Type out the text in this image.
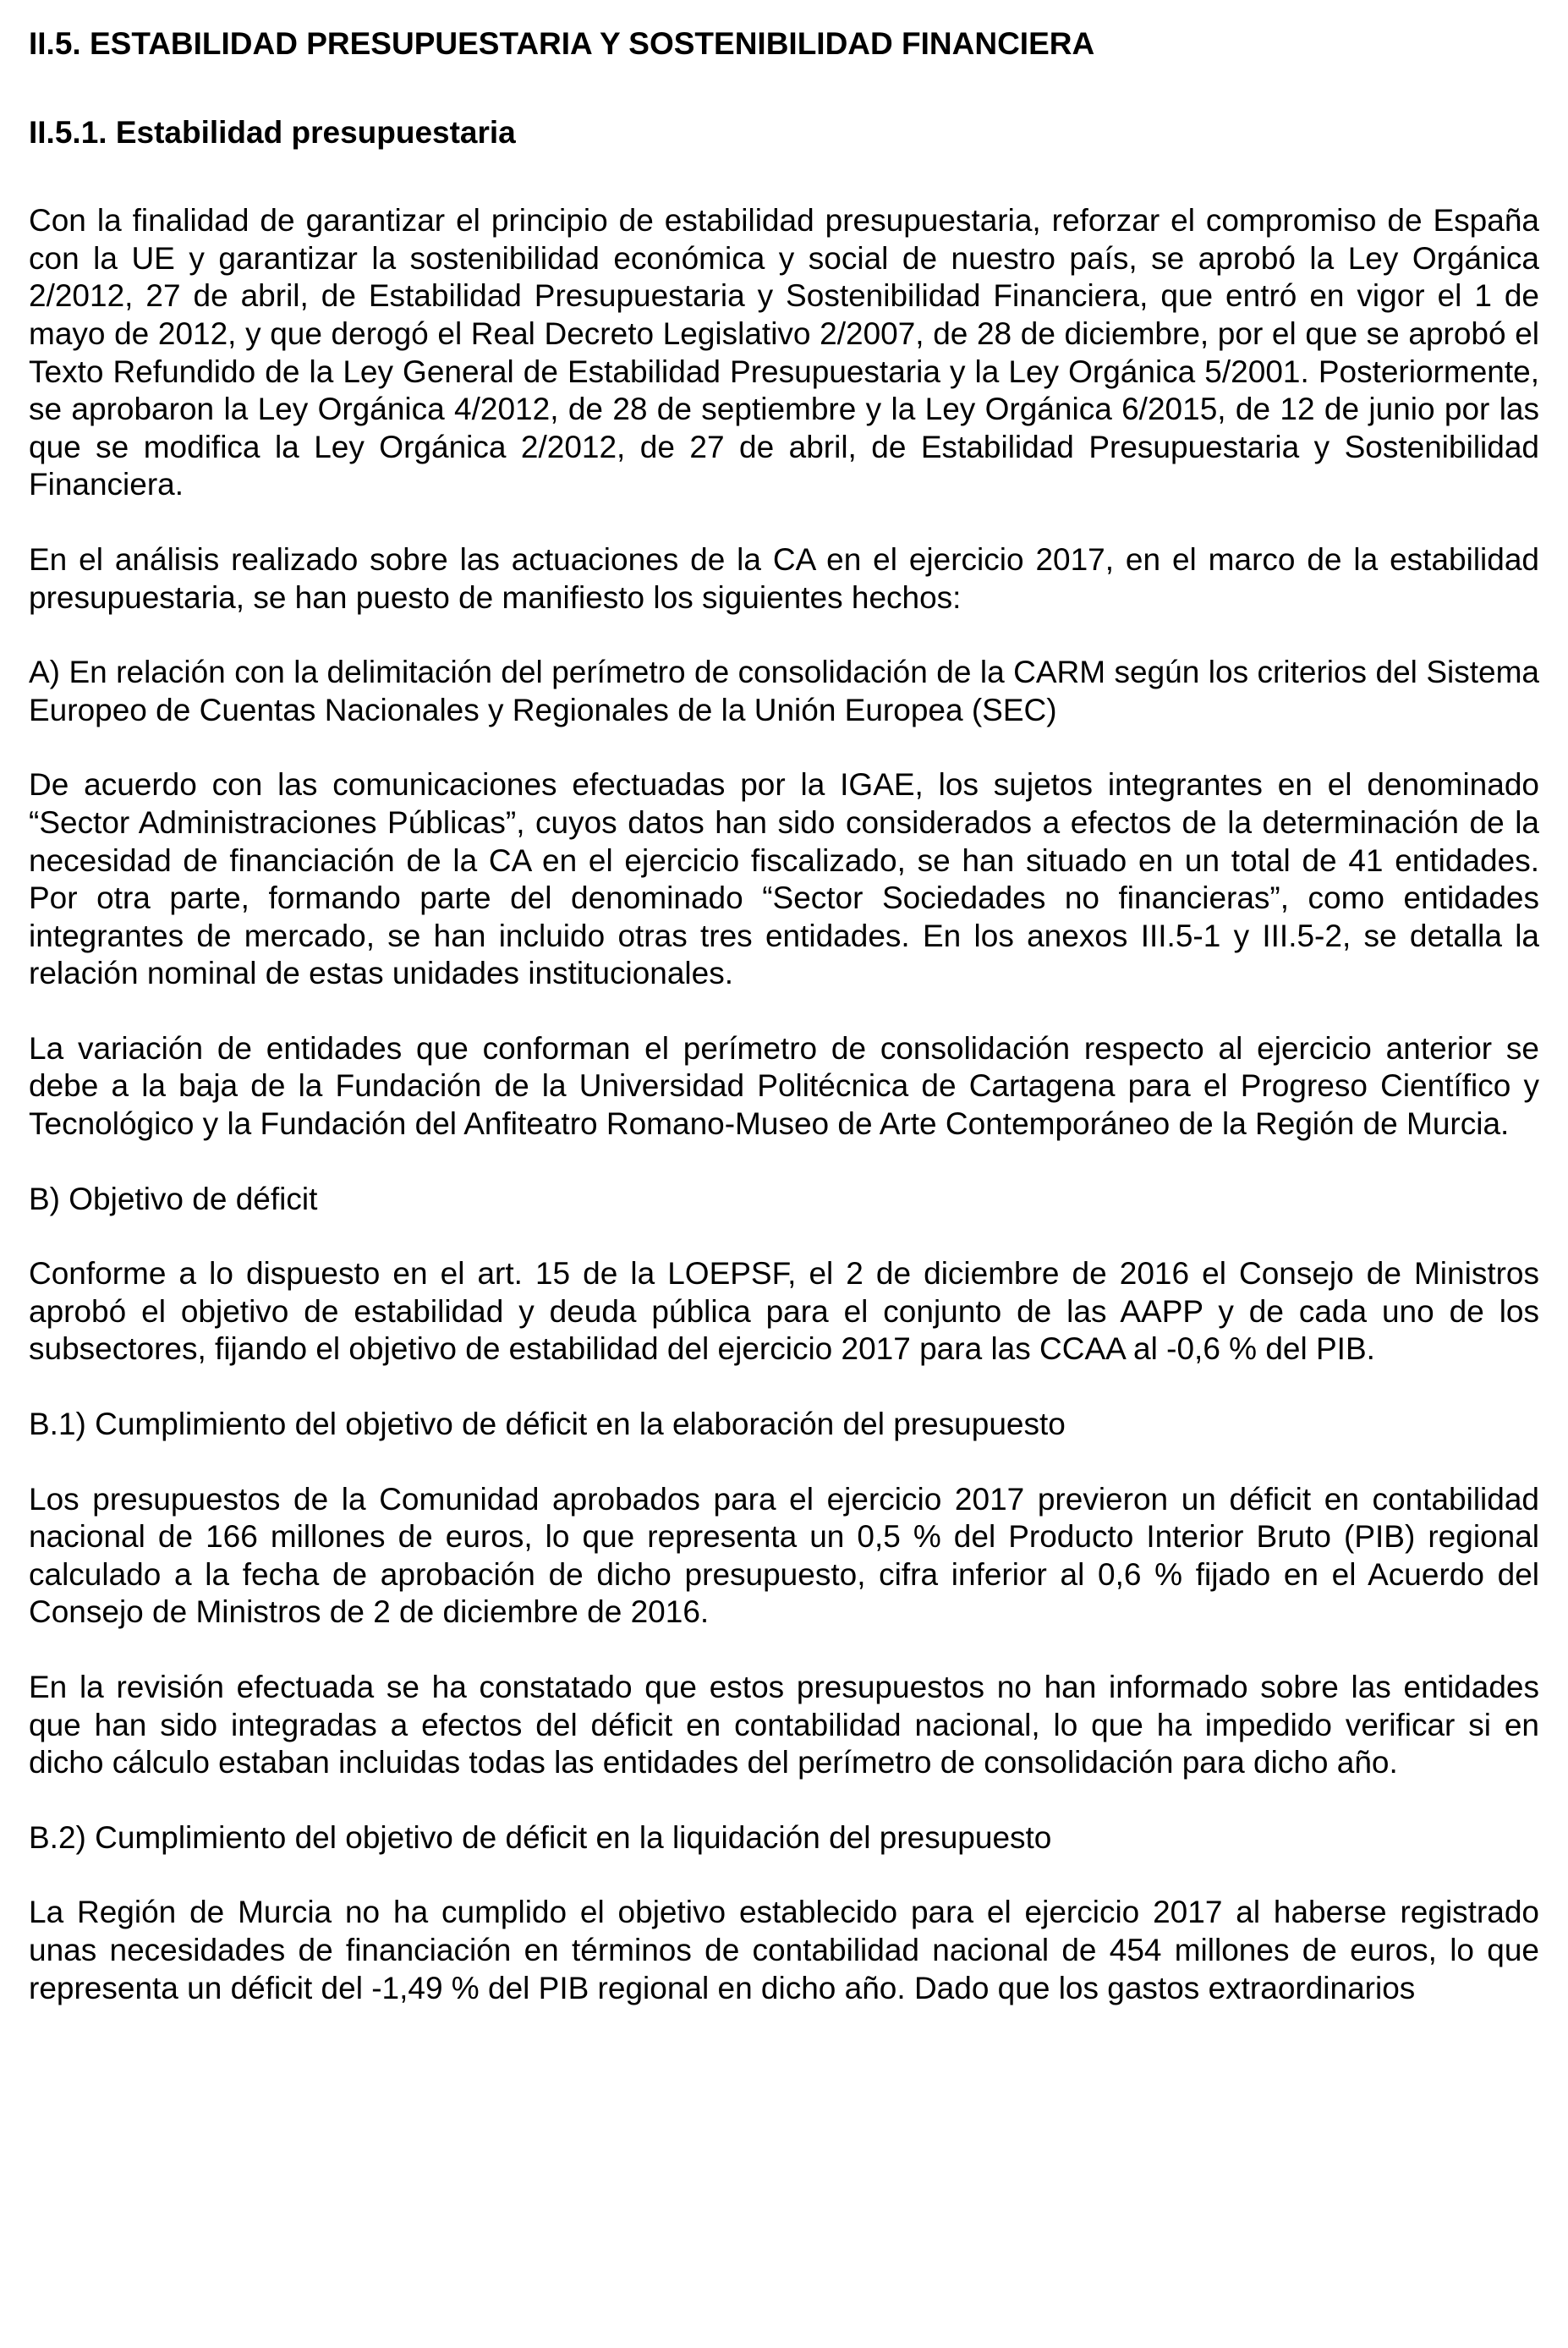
II.5. ESTABILIDAD PRESUPUESTARIA Y SOSTENIBILIDAD FINANCIERA
II.5.1. Estabilidad presupuestaria

Con la finalidad de garantizar el principio de estabilidad presupuestaria, reforzar el compromiso de España con la UE y garantizar la sostenibilidad económica y social de nuestro país, se aprobó la Ley Orgánica 2/2012, 27 de abril, de Estabilidad Presupuestaria y Sostenibilidad Financiera, que entró en vigor el 1 de mayo de 2012, y que derogó el Real Decreto Legislativo 2/2007, de 28 de diciembre, por el que se aprobó el Texto Refundido de la Ley General de Estabilidad Presupuestaria y la Ley Orgánica 5/2001. Posteriormente, se aprobaron la Ley Orgánica 4/2012, de 28 de septiembre y la Ley Orgánica 6/2015, de 12 de junio por las que se modifica la Ley Orgánica 2/2012, de 27 de abril, de Estabilidad Presupuestaria y Sostenibilidad Financiera.

En el análisis realizado sobre las actuaciones de la CA en el ejercicio 2017, en el marco de la estabilidad presupuestaria, se han puesto de manifiesto los siguientes hechos:

A) En relación con la delimitación del perímetro de consolidación de la CARM según los criterios del Sistema Europeo de Cuentas Nacionales y Regionales de la Unión Europea (SEC)

De acuerdo con las comunicaciones efectuadas por la IGAE, los sujetos integrantes en el denominado “Sector Administraciones Públicas”, cuyos datos han sido considerados a efectos de la determinación de la necesidad de financiación de la CA en el ejercicio fiscalizado, se han situado en un total de 41 entidades. Por otra parte, formando parte del denominado “Sector Sociedades no financieras”, como entidades integrantes de mercado, se han incluido otras tres entidades. En los anexos III.5-1 y III.5-2, se detalla la relación nominal de estas unidades institucionales.

La variación de entidades que conforman el perímetro de consolidación respecto al ejercicio anterior se debe a la baja de la Fundación de la Universidad Politécnica de Cartagena para el Progreso Científico y Tecnológico y la Fundación del Anfiteatro Romano-Museo de Arte Contemporáneo de la Región de Murcia.

B) Objetivo de déficit

Conforme a lo dispuesto en el art. 15 de la LOEPSF, el 2 de diciembre de 2016 el Consejo de Ministros aprobó el objetivo de estabilidad y deuda pública para el conjunto de las AAPP y de cada uno de los subsectores, fijando el objetivo de estabilidad del ejercicio 2017 para las CCAA al -0,6 % del PIB.

B.1) Cumplimiento del objetivo de déficit en la elaboración del presupuesto

Los presupuestos de la Comunidad aprobados para el ejercicio 2017 previeron un déficit en contabilidad nacional de 166 millones de euros, lo que representa un 0,5 % del Producto Interior Bruto (PIB) regional calculado a la fecha de aprobación de dicho presupuesto, cifra inferior al 0,6 % fijado en el Acuerdo del Consejo de Ministros de 2 de diciembre de 2016.

En la revisión efectuada se ha constatado que estos presupuestos no han informado sobre las entidades que han sido integradas a efectos del déficit en contabilidad nacional, lo que ha impedido verificar si en dicho cálculo estaban incluidas todas las entidades del perímetro de consolidación para dicho año.

B.2) Cumplimiento del objetivo de déficit en la liquidación del presupuesto

La Región de Murcia no ha cumplido el objetivo establecido para el ejercicio 2017 al haberse registrado unas necesidades de financiación en términos de contabilidad nacional de 454 millones de euros, lo que representa un déficit del -1,49 % del PIB regional en dicho año. Dado que los gastos extraordinarios
